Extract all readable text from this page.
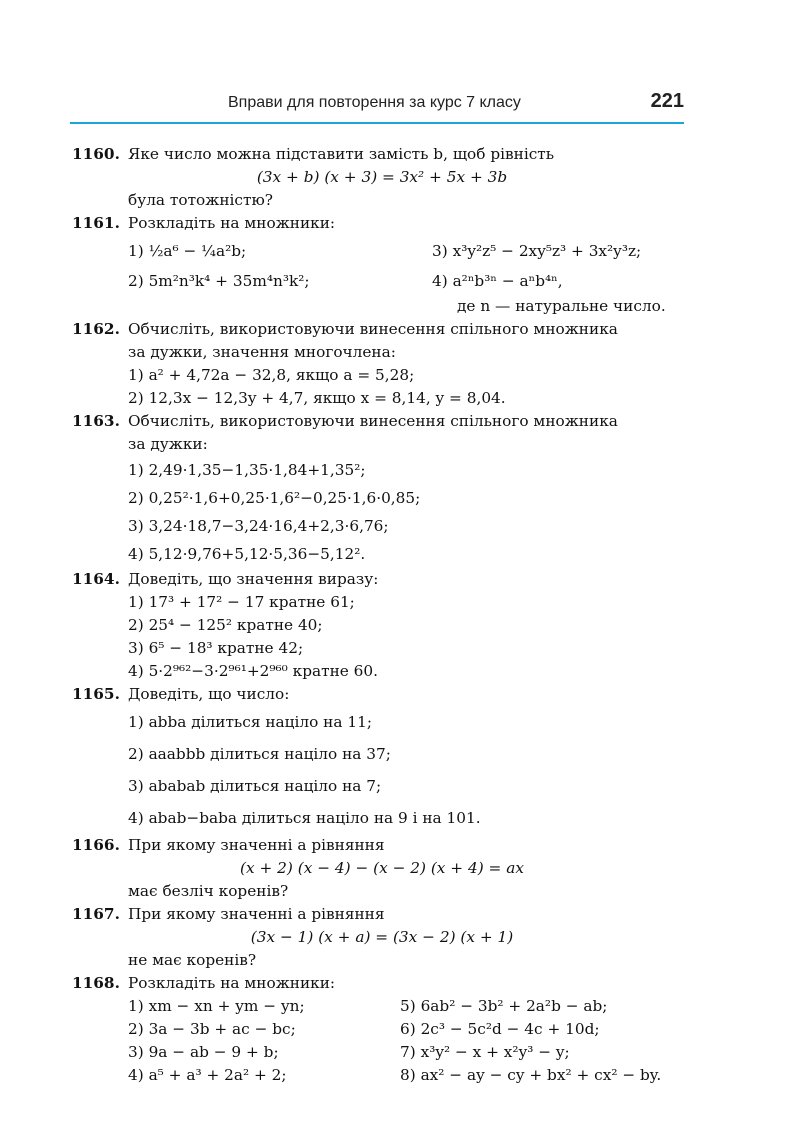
Вправи для повторення за курс 7 класу	221
1160. Яке число можна підставити замість b, щоб рівність
(3x + b) (x + 3) = 3x² + 5x + 3b
була тотожністю?
1161. Розкладіть на множники:
1) ½a⁶ − ¼a²b;	3) x³y²z⁵ − 2xy⁵z³ + 3x²y³z;
2) 5m²n³k⁴ + 35m⁴n³k²;	4) a²ⁿb³ⁿ − aⁿb⁴ⁿ,
де n — натуральне число.
1162. Обчисліть, використовуючи винесення спільного множника
за дужки, значення многочлена:
1) a² + 4,72a − 32,8, якщо a = 5,28;
2) 12,3x − 12,3y + 4,7, якщо x = 8,14, y = 8,04.
1163. Обчисліть, використовуючи винесення спільного множника
за дужки:
1) 2,49·1,35−1,35·1,84+1,35²;
2) 0,25²·1,6+0,25·1,6²−0,25·1,6·0,85;
3) 3,24·18,7−3,24·16,4+2,3·6,76;
4) 5,12·9,76+5,12·5,36−5,12².
1164. Доведіть, що значення виразу:
1) 17³ + 17² − 17 кратне 61;
2) 25⁴ − 125² кратне 40;
3) 6⁵ − 18³ кратне 42;
4) 5·2⁹⁶²−3·2⁹⁶¹+2⁹⁶⁰ кратне 60.
1165. Доведіть, що число:
1) abba ділиться націло на 11;
2) aaabbb ділиться націло на 37;
3) ababab ділиться націло на 7;
4) abab−baba ділиться націло на 9 і на 101.
1166. При якому значенні a рівняння
(x + 2) (x − 4) − (x − 2) (x + 4) = ax
має безліч коренів?
1167. При якому значенні a рівняння
(3x − 1) (x + a) = (3x − 2) (x + 1)
не має коренів?
1168. Розкладіть на множники:
1) xm − xn + ym − yn;	5) 6ab² − 3b² + 2a²b − ab;
2) 3a − 3b + ac − bc;	6) 2c³ − 5c²d − 4c + 10d;
3) 9a − ab − 9 + b;	7) x³y² − x + x²y³ − y;
4) a⁵ + a³ + 2a² + 2;	8) ax² − ay − cy + bx² + cx² − by.
